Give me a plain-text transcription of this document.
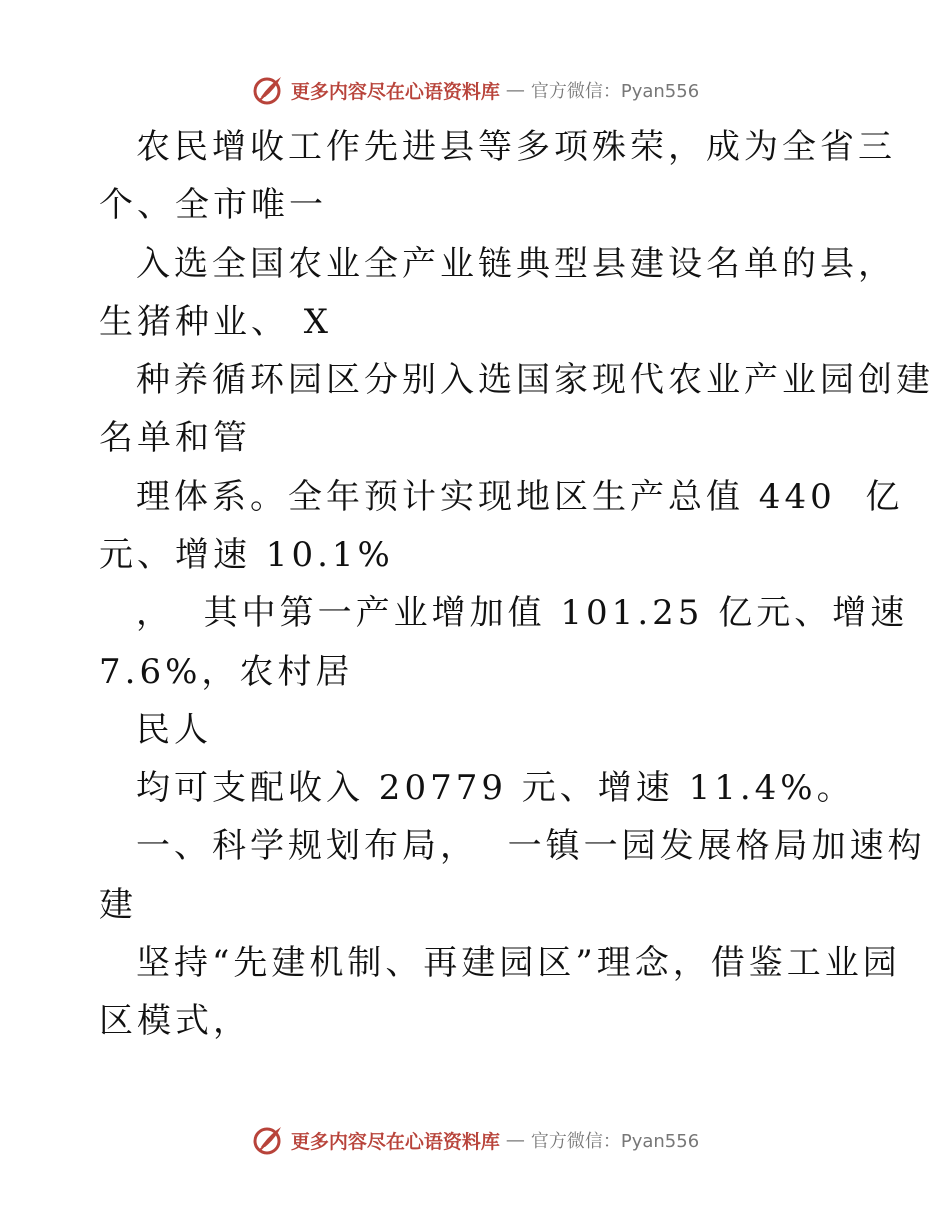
更多内容尽在心语资料库 — 官方微信：Pyan556
农民增收工作先进县等多项殊荣，成为全省三
个、全市唯一
入选全国农业全产业链典型县建设名单的县，
生猪种业、 X
种养循环园区分别入选国家现代农业产业园创建
名单和管
理体系。全年预计实现地区生产总值 440  亿
元、增速 10.1%
，  其中第一产业增加值 101.25 亿元、增速
7.6%，农村居
民人
均可支配收入 20779 元、增速 11.4%。
一、科学规划布局，  一镇一园发展格局加速构
建
坚持“先建机制、再建园区”理念，借鉴工业园
区模式，
更多内容尽在心语资料库 — 官方微信：Pyan556
